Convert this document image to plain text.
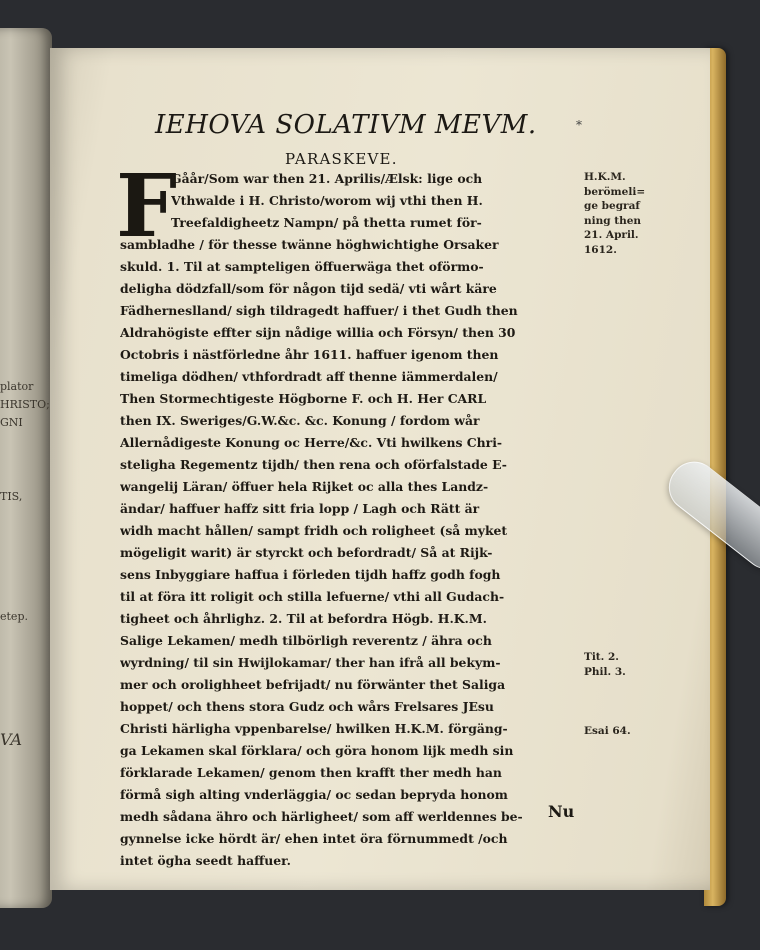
plator
HRISTO;
GNI
TIS,
etep.
VA
IEHOVA SOLATIVM MEVM.	*
PARASKEVE.
F
Gåår/Som war then 21. Aprilis/Ælsk: lige och
Vthwalde i H. Christo/worom wij vthi then H.
Treefaldigheetz Nampn/ på thetta rumet för-
sambladhe / för thesse twänne höghwichtighe Orsaker
skuld. 1. Til at sampteligen öffuerwäga thet oförmo-
deligha dödzfall/som för någon tijd sedä/ vti wårt käre
Fädherneslland/ sigh tildragedt haffuer/ i thet Gudh then
Aldrahögiste effter sijn nådige willia och Försyn/ then 30
Octobris i nästförledne åhr 1611. haffuer igenom then
timeliga dödhen/ vthfordradt aff thenne iämmerdalen/
Then Stormechtigeste Högborne F. och H. Her CARL
then IX. Sweriges/G.W.&c. &c. Konung / fordom wår
Allernådigeste Konung oc Herre/&c. Vti hwilkens Chri-
steligha Regementz tijdh/ then rena och oförfalstade E-
wangelij Läran/ öffuer hela Rijket oc alla thes Landz-
ändar/ haffuer haffz sitt fria lopp / Lagh och Rätt är
widh macht hållen/ sampt fridh och roligheet (så myket
mögeligit warit) är styrckt och befordradt/ Så at Rijk-
sens Inbyggiare haffua i förleden tijdh haffz godh fogh
til at föra itt roligit och stilla lefuerne/ vthi all Gudach-
tigheet och åhrlighz. 2. Til at befordra Högb. H.K.M.
Salige Lekamen/ medh tilbörligh reverentz / ähra och
wyrdning/ til sin Hwijlokamar/ ther han ifrå all bekym-
mer och orolighheet befrijadt/ nu förwänter thet Saliga
hoppet/ och thens stora Gudz och wårs Frelsares JEsu
Christi härligha vppenbarelse/ hwilken H.K.M. förgäng-
ga Lekamen skal förklara/ och göra honom lijk medh sin
förklarade Lekamen/ genom then krafft ther medh han
förmå sigh alting vnderläggia/ oc sedan bepryda honom
medh sådana ähro och härligheet/ som aff werldennes be-
gynnelse icke hördt är/ ehen intet öra förnummedt /och
intet ögha seedt haffuer.
H.K.M.
berömeli=
ge begraf
ning then
21. April.
1612.
Tit. 2.
Phil. 3.
Esai 64.
Nu
